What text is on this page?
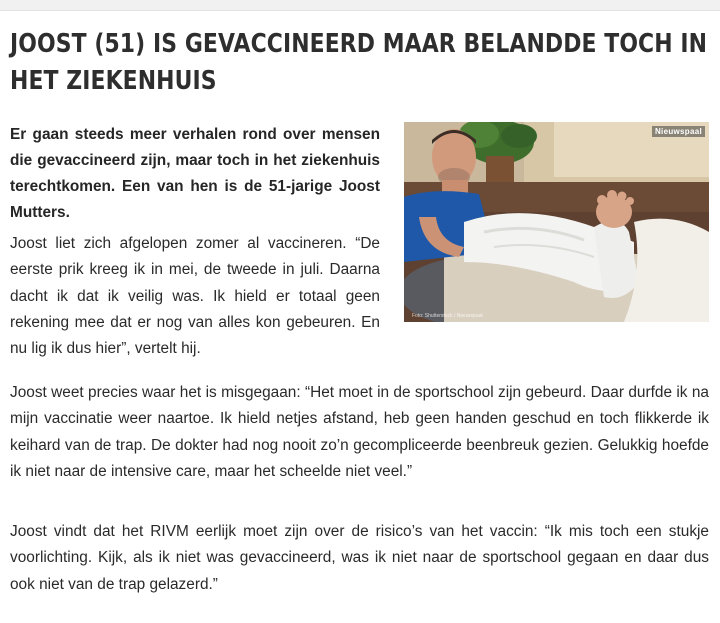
JOOST (51) IS GEVACCINEERD MAAR BELANDDE TOCH IN HET ZIEKENHUIS

Er gaan steeds meer verhalen rond over mensen die gevaccineerd zijn, maar toch in het ziekenhuis terechtkomen. Een van hen is de 51-jarige Joost Mutters.

Nieuwspaal
Foto: Shutterstock / Nieuwspaal

Joost liet zich afgelopen zomer al vaccineren. “De eerste prik kreeg ik in mei, de tweede in juli. Daarna dacht ik dat ik veilig was. Ik hield er totaal geen rekening mee dat er nog van alles kon gebeuren. En nu lig ik dus hier”, vertelt hij.

Joost weet precies waar het is misgegaan: “Het moet in de sportschool zijn gebeurd. Daar durfde ik na mijn vaccinatie weer naartoe. Ik hield netjes afstand, heb geen handen geschud en toch flikkerde ik keihard van de trap. De dokter had nog nooit zo’n gecompliceerde beenbreuk gezien. Gelukkig hoefde ik niet naar de intensive care, maar het scheelde niet veel.”

Joost vindt dat het RIVM eerlijk moet zijn over de risico’s van het vaccin: “Ik mis toch een stukje voorlichting. Kijk, als ik niet was gevaccineerd, was ik niet naar de sportschool gegaan en daar dus ook niet van de trap gelazerd.”
